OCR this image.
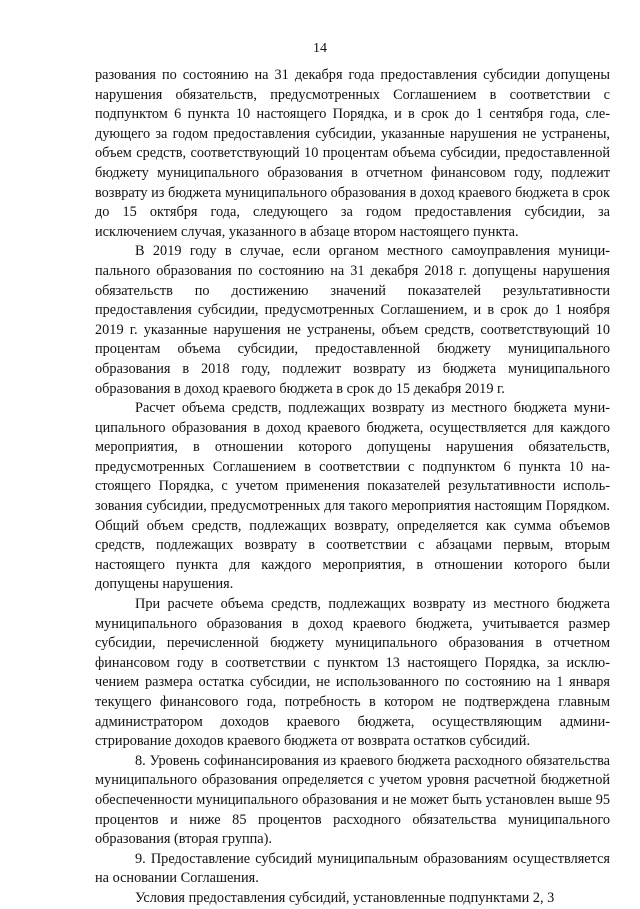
14

разования по состоянию на 31 декабря года предоставления субсидии допущены нарушения обязательств, предусмотренных Соглашением в соответствии с подпунктом 6 пункта 10 настоящего Порядка, и в срок до 1 сентября года, следующего за годом предоставления субсидии, указанные нарушения не устранены, объем средств, соответствующий 10 процентам объема субсидии, предоставленной бюджету муниципального образования в отчетном финансовом году, подлежит возврату из бюджета муниципального образования в доход краевого бюджета в срок до 15 октября года, следующего за годом предоставления субсидии, за исключением случая, указанного в абзаце втором настоящего пункта.

В 2019 году в случае, если органом местного самоуправления муниципального образования по состоянию на 31 декабря 2018 г. допущены нарушения обязательств по достижению значений показателей результативности предоставления субсидии, предусмотренных Соглашением, и в срок до 1 ноября 2019 г. указанные нарушения не устранены, объем средств, соответствующий 10 процентам объема субсидии, предоставленной бюджету муниципального образования в 2018 году, подлежит возврату из бюджета муниципального образования в доход краевого бюджета в срок до 15 декабря 2019 г.

Расчет объема средств, подлежащих возврату из местного бюджета муниципального образования в доход краевого бюджета, осуществляется для каждого мероприятия, в отношении которого допущены нарушения обязательств, предусмотренных Соглашением в соответствии с подпунктом 6 пункта 10 настоящего Порядка, с учетом применения показателей результативности использования субсидии, предусмотренных для такого мероприятия настоящим Порядком. Общий объем средств, подлежащих возврату, определяется как сумма объемов средств, подлежащих возврату в соответствии с абзацами первым, вторым настоящего пункта для каждого мероприятия, в отношении которого были допущены нарушения.

При расчете объема средств, подлежащих возврату из местного бюджета муниципального образования в доход краевого бюджета, учитывается размер субсидии, перечисленной бюджету муниципального образования в отчетном финансовом году в соответствии с пунктом 13 настоящего Порядка, за исключением размера остатка субсидии, не использованного по состоянию на 1 января текущего финансового года, потребность в котором не подтверждена главным администратором доходов краевого бюджета, осуществляющим администрирование доходов краевого бюджета от возврата остатков субсидий.

8. Уровень софинансирования из краевого бюджета расходного обязательства муниципального образования определяется с учетом уровня расчетной бюджетной обеспеченности муниципального образования и не может быть установлен выше 95 процентов и ниже 85 процентов расходного обязательства муниципального образования (вторая группа).

9. Предоставление субсидий муниципальным образованиям осуществляется на основании Соглашения.

Условия предоставления субсидий, установленные подпунктами 2, 3
